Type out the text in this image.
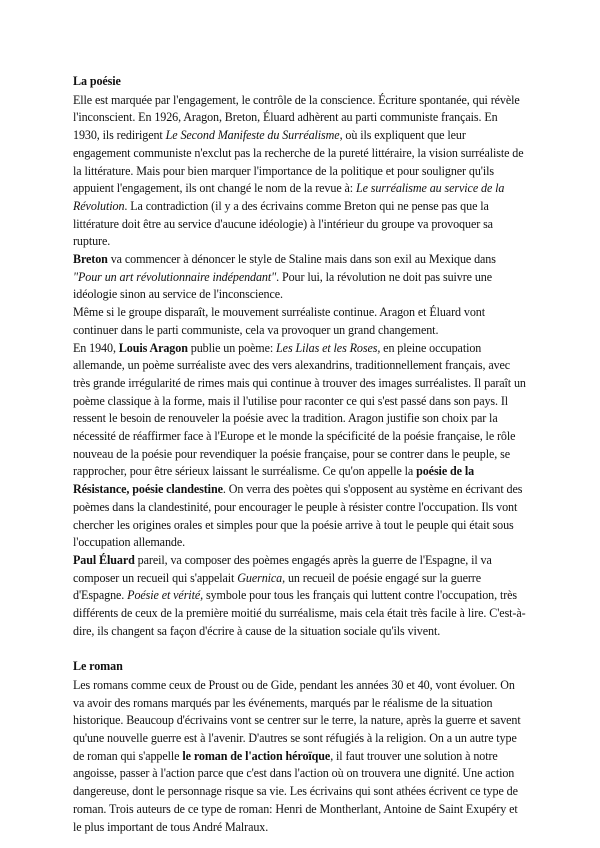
La poésie

Elle est marquée par l'engagement, le contrôle de la conscience. Écriture spontanée, qui révèle l'inconscient. En 1926, Aragon, Breton, Éluard adhèrent au parti communiste français. En 1930, ils redirigent Le Second Manifeste du Surréalisme, où ils expliquent que leur engagement communiste n'exclut pas la recherche de la pureté littéraire, la vision surréaliste de la littérature. Mais pour bien marquer l'importance de la politique et pour souligner qu'ils appuient l'engagement, ils ont changé le nom de la revue à: Le surréalisme au service de la Révolution. La contradiction (il y a des écrivains comme Breton qui ne pense pas que la littérature doit être au service d'aucune idéologie) à l'intérieur du groupe va provoquer sa rupture.

Breton va commencer à dénoncer le style de Staline mais dans son exil au Mexique dans "Pour un art révolutionnaire indépendant". Pour lui, la révolution ne doit pas suivre une idéologie sinon au service de l'inconscience.

Même si le groupe disparaît, le mouvement surréaliste continue. Aragon et Éluard vont continuer dans le parti communiste, cela va provoquer un grand changement.

En 1940, Louis Aragon publie un poème: Les Lilas et les Roses, en pleine occupation allemande, un poème surréaliste avec des vers alexandrins, traditionnellement français, avec très grande irrégularité de rimes mais qui continue à trouver des images surréalistes. Il paraît un poème classique à la forme, mais il l'utilise pour raconter ce qui s'est passé dans son pays. Il ressent le besoin de renouveler la poésie avec la tradition. Aragon justifie son choix par la nécessité de réaffirmer face à l'Europe et le monde la spécificité de la poésie française, le rôle nouveau de la poésie pour revendiquer la poésie française, pour se contrer dans le peuple, se rapprocher, pour être sérieux laissant le surréalisme. Ce qu'on appelle la poésie de la Résistance, poésie clandestine. On verra des poètes qui s'opposent au système en écrivant des poèmes dans la clandestinité, pour encourager le peuple à résister contre l'occupation. Ils vont chercher les origines orales et simples pour que la poésie arrive à tout le peuple qui était sous l'occupation allemande.

Paul Éluard pareil, va composer des poèmes engagés après la guerre de l'Espagne, il va composer un recueil qui s'appelait Guernica, un recueil de poésie engagé sur la guerre d'Espagne. Poésie et vérité, symbole pour tous les français qui luttent contre l'occupation, très différents de ceux de la première moitié du surréalisme, mais cela était très facile à lire. C'est-à-dire, ils changent sa façon d'écrire à cause de la situation sociale qu'ils vivent.

Le roman

Les romans comme ceux de Proust ou de Gide, pendant les années 30 et 40, vont évoluer. On va avoir des romans marqués par les événements, marqués par le réalisme de la situation historique. Beaucoup d'écrivains vont se centrer sur le terre, la nature, après la guerre et savent qu'une nouvelle guerre est à l'avenir. D'autres se sont réfugiés à la religion. On a un autre type de roman qui s'appelle le roman de l'action héroïque, il faut trouver une solution à notre angoisse, passer à l'action parce que c'est dans l'action où on trouvera une dignité. Une action dangereuse, dont le personnage risque sa vie. Les écrivains qui sont athées écrivent ce type de roman. Trois auteurs de ce type de roman: Henri de Montherlant, Antoine de Saint Exupéry et le plus important de tous André Malraux.
